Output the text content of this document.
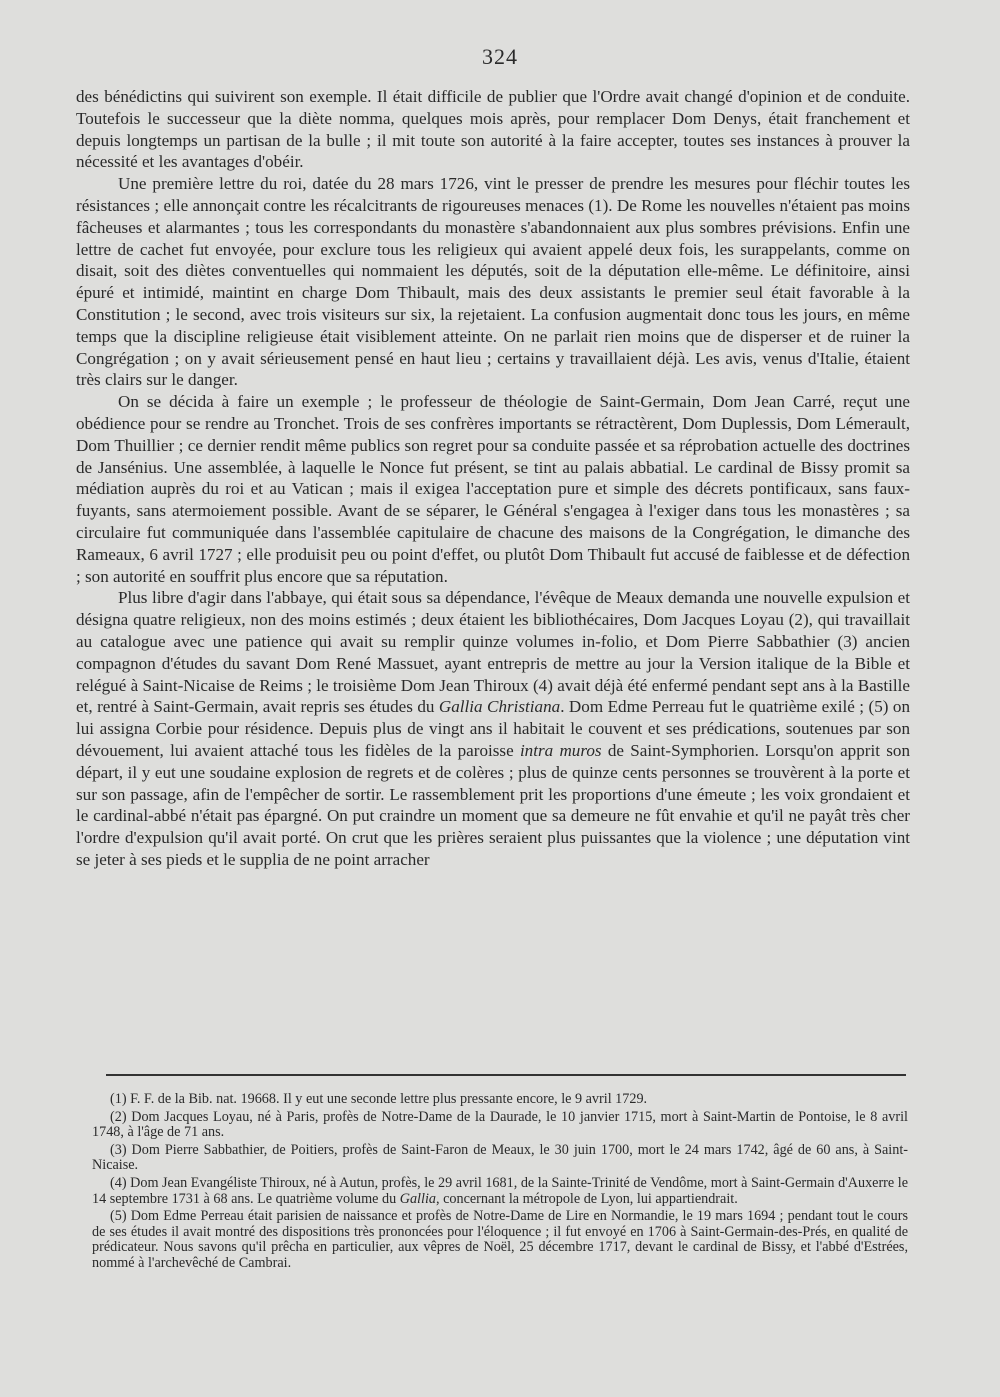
324

des bénédictins qui suivirent son exemple. Il était difficile de publier que l'Ordre avait changé d'opinion et de conduite. Toutefois le successeur que la diète nomma, quelques mois après, pour remplacer Dom Denys, était franchement et depuis longtemps un partisan de la bulle ; il mit toute son autorité à la faire accepter, toutes ses instances à prouver la nécessité et les avantages d'obéir.

Une première lettre du roi, datée du 28 mars 1726, vint le presser de prendre les mesures pour fléchir toutes les résistances ; elle annonçait contre les récalcitrants de rigoureuses menaces (1). De Rome les nouvelles n'étaient pas moins fâcheuses et alarmantes ; tous les correspondants du monastère s'abandonnaient aux plus sombres prévisions. Enfin une lettre de cachet fut envoyée, pour exclure tous les religieux qui avaient appelé deux fois, les surappelants, comme on disait, soit des diètes conventuelles qui nommaient les députés, soit de la députation elle-même. Le définitoire, ainsi épuré et intimidé, maintint en charge Dom Thibault, mais des deux assistants le premier seul était favorable à la Constitution ; le second, avec trois visiteurs sur six, la rejetaient. La confusion augmentait donc tous les jours, en même temps que la discipline religieuse était visiblement atteinte. On ne parlait rien moins que de disperser et de ruiner la Congrégation ; on y avait sérieusement pensé en haut lieu ; certains y travaillaient déjà. Les avis, venus d'Italie, étaient très clairs sur le danger.

On se décida à faire un exemple ; le professeur de théologie de Saint-Germain, Dom Jean Carré, reçut une obédience pour se rendre au Tronchet. Trois de ses confrères importants se rétractèrent, Dom Duplessis, Dom Lémerault, Dom Thuillier ; ce dernier rendit même publics son regret pour sa conduite passée et sa réprobation actuelle des doctrines de Jansénius. Une assemblée, à laquelle le Nonce fut présent, se tint au palais abbatial. Le cardinal de Bissy promit sa médiation auprès du roi et au Vatican ; mais il exigea l'acceptation pure et simple des décrets pontificaux, sans faux-fuyants, sans atermoiement possible. Avant de se séparer, le Général s'engagea à l'exiger dans tous les monastères ; sa circulaire fut communiquée dans l'assemblée capitulaire de chacune des maisons de la Congrégation, le dimanche des Rameaux, 6 avril 1727 ; elle produisit peu ou point d'effet, ou plutôt Dom Thibault fut accusé de faiblesse et de défection ; son autorité en souffrit plus encore que sa réputation.

Plus libre d'agir dans l'abbaye, qui était sous sa dépendance, l'évêque de Meaux demanda une nouvelle expulsion et désigna quatre religieux, non des moins estimés ; deux étaient les bibliothécaires, Dom Jacques Loyau (2), qui travaillait au catalogue avec une patience qui avait su remplir quinze volumes in-folio, et Dom Pierre Sabbathier (3) ancien compagnon d'études du savant Dom René Massuet, ayant entrepris de mettre au jour la Version italique de la Bible et relégué à Saint-Nicaise de Reims ; le troisième Dom Jean Thiroux (4) avait déjà été enfermé pendant sept ans à la Bastille et, rentré à Saint-Germain, avait repris ses études du Gallia Christiana. Dom Edme Perreau fut le quatrième exilé ; (5) on lui assigna Corbie pour résidence. Depuis plus de vingt ans il habitait le couvent et ses prédications, soutenues par son dévouement, lui avaient attaché tous les fidèles de la paroisse intra muros de Saint-Symphorien. Lorsqu'on apprit son départ, il y eut une soudaine explosion de regrets et de colères ; plus de quinze cents personnes se trouvèrent à la porte et sur son passage, afin de l'empêcher de sortir. Le rassemblement prit les proportions d'une émeute ; les voix grondaient et le cardinal-abbé n'était pas épargné. On put craindre un moment que sa demeure ne fût envahie et qu'il ne payât très cher l'ordre d'expulsion qu'il avait porté. On crut que les prières seraient plus puissantes que la violence ; une députation vint se jeter à ses pieds et le supplia de ne point arracher

(1) F. F. de la Bib. nat. 19668. Il y eut une seconde lettre plus pressante encore, le 9 avril 1729.

(2) Dom Jacques Loyau, né à Paris, profès de Notre-Dame de la Daurade, le 10 janvier 1715, mort à Saint-Martin de Pontoise, le 8 avril 1748, à l'âge de 71 ans.

(3) Dom Pierre Sabbathier, de Poitiers, profès de Saint-Faron de Meaux, le 30 juin 1700, mort le 24 mars 1742, âgé de 60 ans, à Saint-Nicaise.

(4) Dom Jean Evangéliste Thiroux, né à Autun, profès, le 29 avril 1681, de la Sainte-Trinité de Vendôme, mort à Saint-Germain d'Auxerre le 14 septembre 1731 à 68 ans. Le quatrième volume du Gallia, concernant la métropole de Lyon, lui appartiendrait.

(5) Dom Edme Perreau était parisien de naissance et profès de Notre-Dame de Lire en Normandie, le 19 mars 1694 ; pendant tout le cours de ses études il avait montré des dispositions très prononcées pour l'éloquence ; il fut envoyé en 1706 à Saint-Germain-des-Prés, en qualité de prédicateur. Nous savons qu'il prêcha en particulier, aux vêpres de Noël, 25 décembre 1717, devant le cardinal de Bissy, et l'abbé d'Estrées, nommé à l'archevêché de Cambrai.
